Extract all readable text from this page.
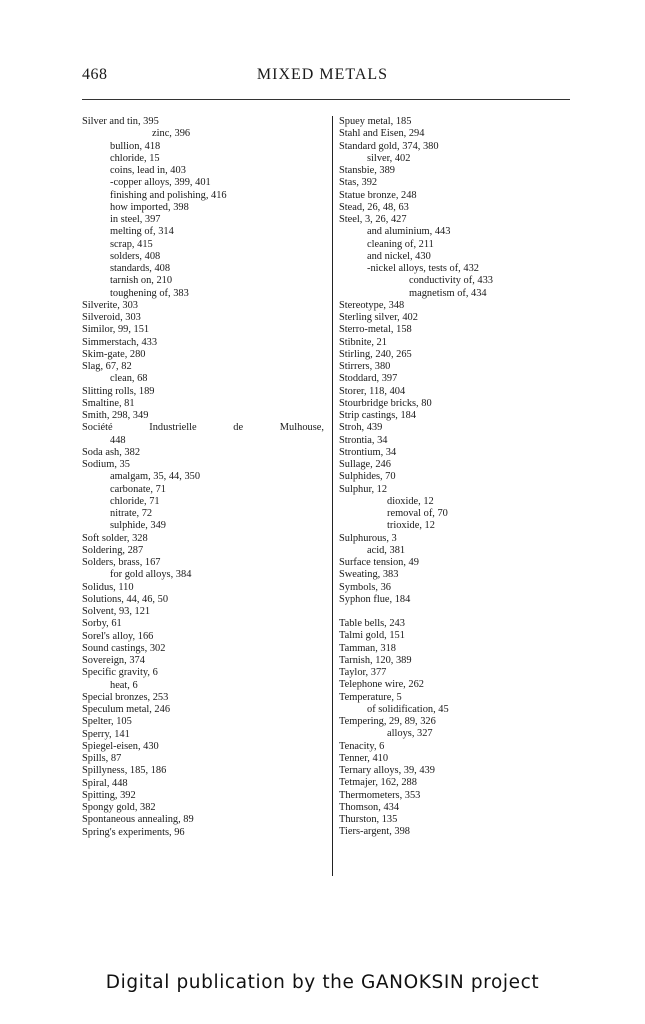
468	MIXED METALS
Silver and tin, 395
zinc, 396
bullion, 418
chloride, 15
coins, lead in, 403
-copper alloys, 399, 401
finishing and polishing, 416
how imported, 398
in steel, 397
melting of, 314
scrap, 415
solders, 408
standards, 408
tarnish on, 210
toughening of, 383
Silverite, 303
Silveroid, 303
Similor, 99, 151
Simmerstach, 433
Skim-gate, 280
Slag, 67, 82
clean, 68
Slitting rolls, 189
Smaltine, 81
Smith, 298, 349
Société	Industrielle	de	Mulhouse,
448
Soda ash, 382
Sodium, 35
amalgam, 35, 44, 350
carbonate, 71
chloride, 71
nitrate, 72
sulphide, 349
Soft solder, 328
Soldering, 287
Solders, brass, 167
for gold alloys, 384
Solidus, 110
Solutions, 44, 46, 50
Solvent, 93, 121
Sorby, 61
Sorel's alloy, 166
Sound castings, 302
Sovereign, 374
Specific gravity, 6
heat, 6
Special bronzes, 253
Speculum metal, 246
Spelter, 105
Sperry, 141
Spiegel-eisen, 430
Spills, 87
Spillyness, 185, 186
Spiral, 448
Spitting, 392
Spongy gold, 382
Spontaneous annealing, 89
Spring's experiments, 96
Spuey metal, 185
Stahl and Eisen, 294
Standard gold, 374, 380
silver, 402
Stansbie, 389
Stas, 392
Statue bronze, 248
Stead, 26, 48, 63
Steel, 3, 26, 427
and aluminium, 443
cleaning of, 211
and nickel, 430
-nickel alloys, tests of, 432
conductivity of, 433
magnetism of, 434
Stereotype, 348
Sterling silver, 402
Sterro-metal, 158
Stibnite, 21
Stirling, 240, 265
Stirrers, 380
Stoddard, 397
Storer, 118, 404
Stourbridge bricks, 80
Strip castings, 184
Stroh, 439
Strontia, 34
Strontium, 34
Sullage, 246
Sulphides, 70
Sulphur, 12
dioxide, 12
removal of, 70
trioxide, 12
Sulphurous, 3
acid, 381
Surface tension, 49
Sweating, 383
Symbols, 36
Syphon flue, 184
Table bells, 243
Talmi gold, 151
Tamman, 318
Tarnish, 120, 389
Taylor, 377
Telephone wire, 262
Temperature, 5
of solidification, 45
Tempering, 29, 89, 326
alloys, 327
Tenacity, 6
Tenner, 410
Ternary alloys, 39, 439
Tetmajer, 162, 288
Thermometers, 353
Thomson, 434
Thurston, 135
Tiers-argent, 398
Digital publication by the GANOKSIN project
